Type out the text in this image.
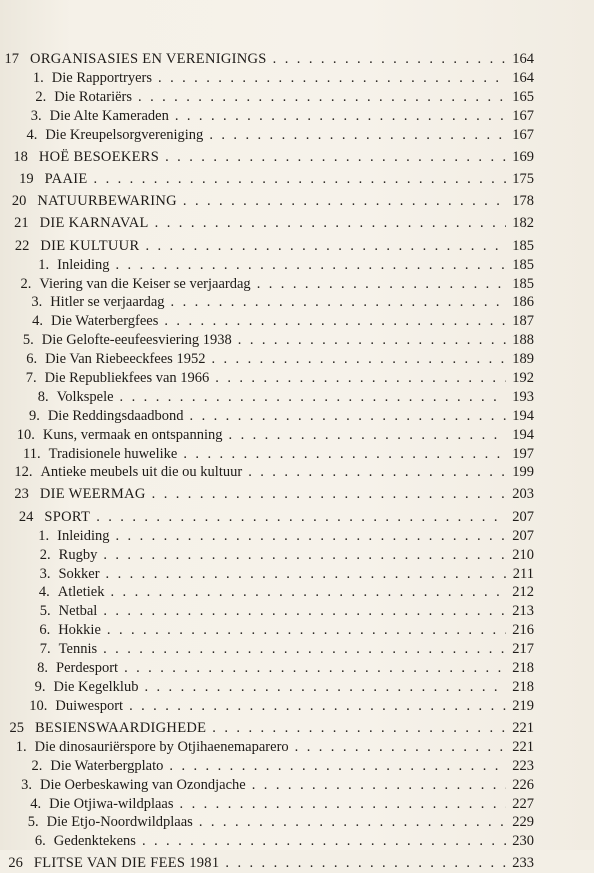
17 ORGANISASIES EN VERENIGINGS . . .	164
1. Die Rapportryers . . .	164
2. Die Rotariërs . . .	165
3. Die Alte Kameraden . . .	167
4. Die Kreupelsorgvereniging . . .	167
18 HOË BESOEKERS . . .	169
19 PAAIE . . .	175
20 NATUURBEWARING . . .	178
21 DIE KARNAVAL . . .	182
22 DIE KULTUUR . . .	185
1. Inleiding . . .	185
2. Viering van die Keiser se verjaardag . . .	185
3. Hitler se verjaardag . . .	186
4. Die Waterbergfees . . .	187
5. Die Gelofte-eeufeesviering 1938 . . .	188
6. Die Van Riebeeckfees 1952 . . .	189
7. Die Republiekfees van 1966 . . .	192
8. Volkspele . . .	193
9. Die Reddingsdaadbond . . .	194
10. Kuns, vermaak en ontspanning . . .	194
11. Tradisionele huwelike . . .	197
12. Antieke meubels uit die ou kultuur . . .	199
23 DIE WEERMAG . . .	203
24 SPORT . . .	207
1. Inleiding . . .	207
2. Rugby . . .	210
3. Sokker . . .	211
4. Atletiek . . .	212
5. Netbal . . .	213
6. Hokkie . . .	216
7. Tennis . . .	217
8. Perdesport . . .	218
9. Die Kegelklub . . .	218
10. Duiwesport . . .	219
25 BESIENSWAARDIGHEDE . . .	221
1. Die dinosauriërspore by Otjihaenemaparero . . .	221
2. Die Waterbergplato . . .	223
3. Die Oerbeskawing van Ozondjache . . .	226
4. Die Otjiwa-wildplaas . . .	227
5. Die Etjo-Noordwildplaas . . .	229
6. Gedenktekens . . .	230
26 FLITSE VAN DIE FEES 1981 . . .	233
